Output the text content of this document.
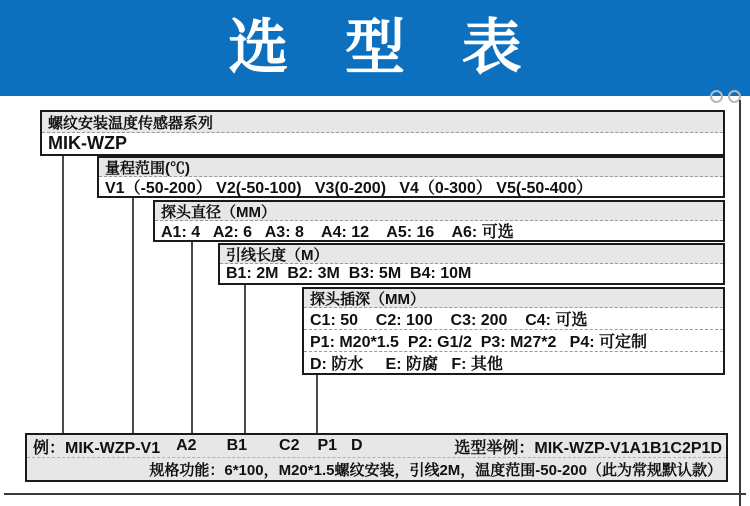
选 型 表
螺纹安装温度传感器系列
MIK-WZP
量程范围(℃)
V1（-50-200） V2(-50-100)   V3(0-200)   V4（0-300） V5(-50-400）
探头直径（MM）
A1: 4   A2: 6   A3: 8    A4: 12    A5: 16    A6: 可选
引线长度（M）
B1: 2M  B2: 3M  B3: 5M  B4: 10M
探头插深（MM）
C1: 50    C2: 100    C3: 200    C4: 可选
P1: M20*1.5  P2: G1/2  P3: M27*2   P4: 可定制
D: 防水     E: 防腐   F: 其他
例：MIK-WZP-V1 A2 B1 C2 P1 D	选型举例：MIK-WZP-V1A1B1C2P1D
规格功能：6*100，M20*1.5螺纹安装，引线2M，温度范围-50-200（此为常规默认款）
